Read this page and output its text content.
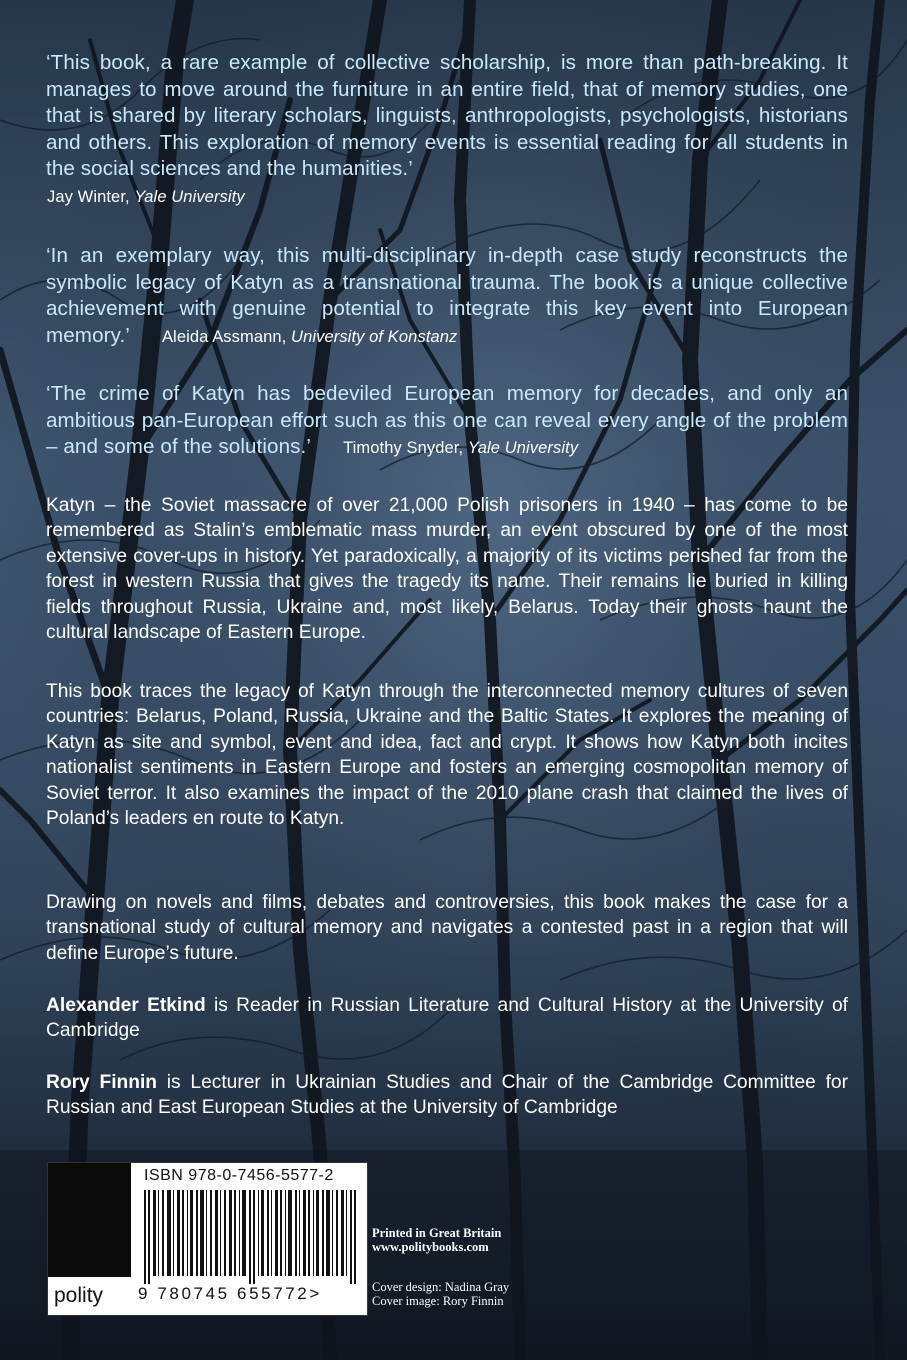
‘This book, a rare example of collective scholarship, is more than path-breaking. It manages to move around the furniture in an entire field, that of memory studies, one that is shared by literary scholars, linguists, anthropologists, psychologists, historians and others. This exploration of memory events is essential reading for all students in the social sciences and the humanities.’
Jay Winter, Yale University

‘In an exemplary way, this multi-disciplinary in-depth case study reconstructs the symbolic legacy of Katyn as a transnational trauma. The book is a unique collective achievement with genuine potential to integrate this key event into European memory.’ Aleida Assmann, University of Konstanz

‘The crime of Katyn has bedeviled European memory for decades, and only an ambitious pan-European effort such as this one can reveal every angle of the problem – and some of the solutions.’ Timothy Snyder, Yale University

Katyn – the Soviet massacre of over 21,000 Polish prisoners in 1940 – has come to be remembered as Stalin’s emblematic mass murder, an event obscured by one of the most extensive cover-ups in history. Yet paradoxically, a majority of its victims perished far from the forest in western Russia that gives the tragedy its name. Their remains lie buried in killing fields throughout Russia, Ukraine and, most likely, Belarus. Today their ghosts haunt the cultural landscape of Eastern Europe.

This book traces the legacy of Katyn through the interconnected memory cultures of seven countries: Belarus, Poland, Russia, Ukraine and the Baltic States. It explores the meaning of Katyn as site and symbol, event and idea, fact and crypt. It shows how Katyn both incites nationalist sentiments in Eastern Europe and fosters an emerging cosmopolitan memory of Soviet terror. It also examines the impact of the 2010 plane crash that claimed the lives of Poland’s leaders en route to Katyn.

Drawing on novels and films, debates and controversies, this book makes the case for a transnational study of cultural memory and navigates a contested past in a region that will define Europe’s future.

Alexander Etkind is Reader in Russian Literature and Cultural History at the University of Cambridge

Rory Finnin is Lecturer in Ukrainian Studies and Chair of the Cambridge Committee for Russian and East European Studies at the University of Cambridge

polity
ISBN 978-0-7456-5577-2
9 780745 655772>

Printed in Great Britain

www.politybooks.com

Cover design: Nadina Gray

Cover image: Rory Finnin
